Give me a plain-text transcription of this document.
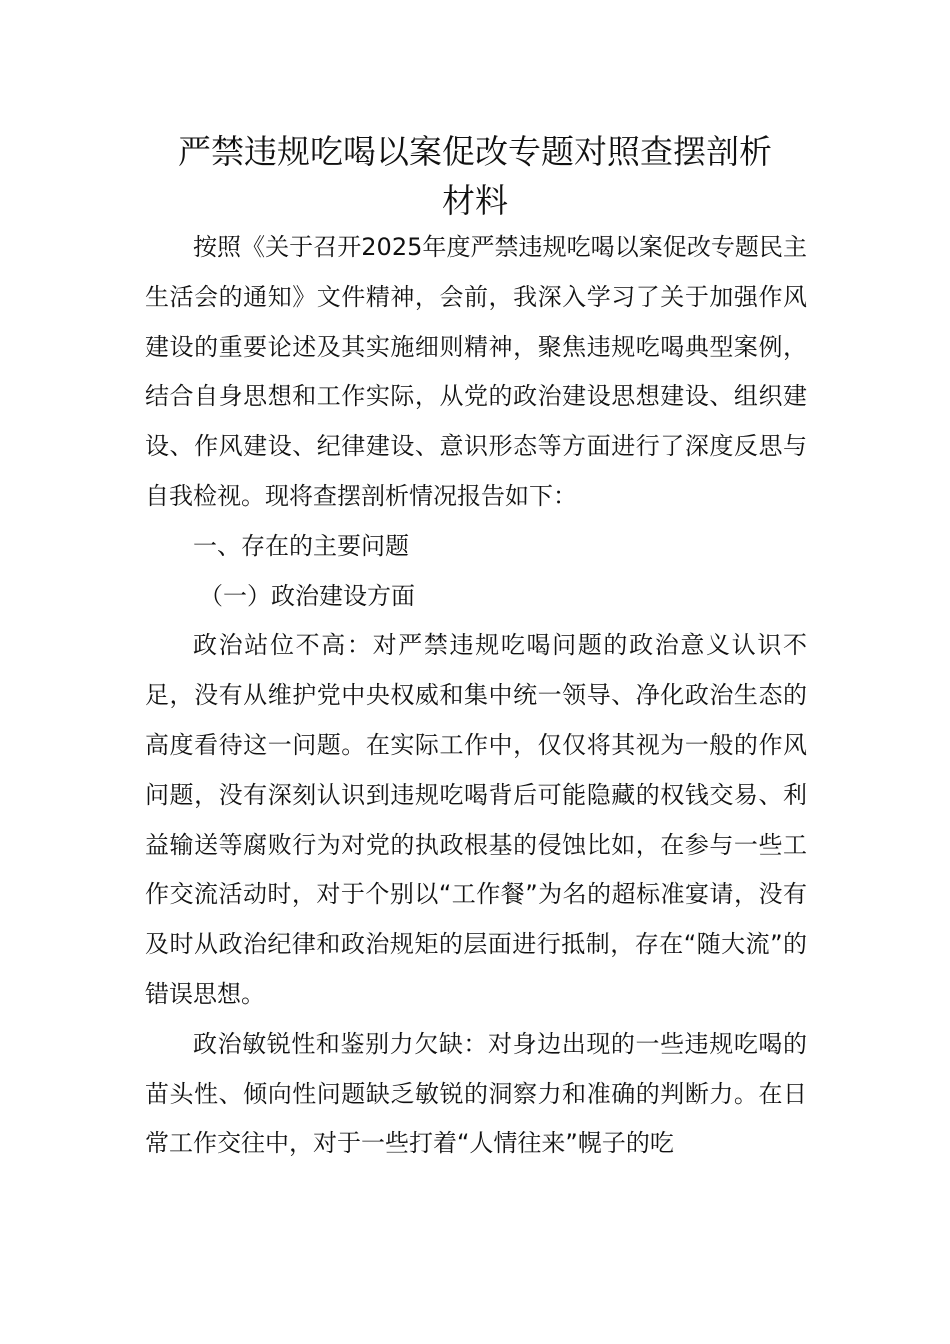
严禁违规吃喝以案促改专题对照查摆剖析
材料

按照《关于召开2025年度严禁违规吃喝以案促改专题民主生活会的通知》文件精神，会前，我深入学习了关于加强作风建设的重要论述及其实施细则精神，聚焦违规吃喝典型案例，结合自身思想和工作实际，从党的政治建设思想建设、组织建设、作风建设、纪律建设、意识形态等方面进行了深度反思与自我检视。现将查摆剖析情况报告如下：

一、存在的主要问题

（一）政治建设方面

政治站位不高：对严禁违规吃喝问题的政治意义认识不足，没有从维护党中央权威和集中统一领导、净化政治生态的高度看待这一问题。在实际工作中，仅仅将其视为一般的作风问题，没有深刻认识到违规吃喝背后可能隐藏的权钱交易、利益输送等腐败行为对党的执政根基的侵蚀比如，在参与一些工作交流活动时，对于个别以“工作餐”为名的超标准宴请，没有及时从政治纪律和政治规矩的层面进行抵制，存在“随大流”的错误思想。

政治敏锐性和鉴别力欠缺：对身边出现的一些违规吃喝的苗头性、倾向性问题缺乏敏锐的洞察力和准确的判断力。在日常工作交往中，对于一些打着“人情往来”幌子的吃
